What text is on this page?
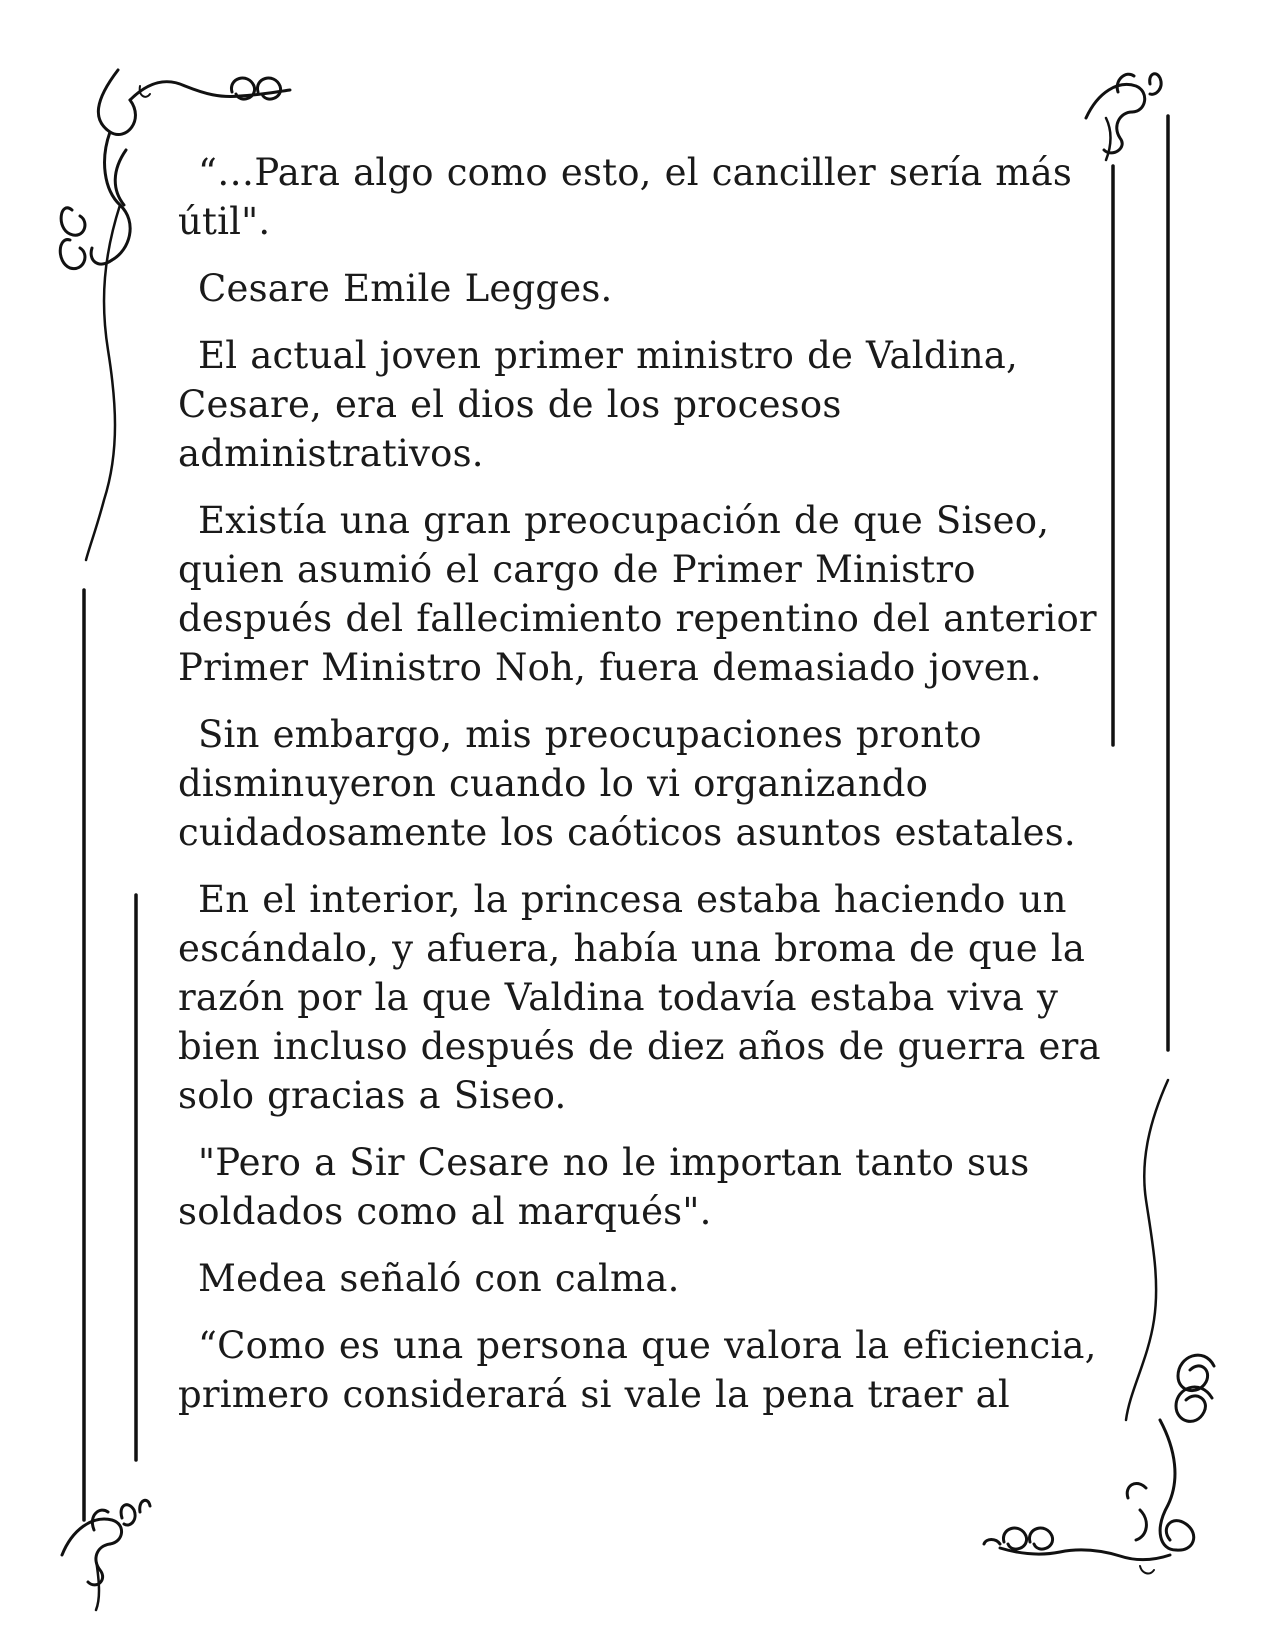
“…Para algo como esto, el canciller sería más útil".

Cesare Emile Legges.

El actual joven primer ministro de Valdina, Cesare, era el dios de los procesos administrativos.

Existía una gran preocupación de que Siseo, quien asumió el cargo de Primer Ministro después del fallecimiento repentino del anterior Primer Ministro Noh, fuera demasiado joven.

Sin embargo, mis preocupaciones pronto disminuyeron cuando lo vi organizando cuidadosamente los caóticos asuntos estatales.

En el interior, la princesa estaba haciendo un escándalo, y afuera, había una broma de que la razón por la que Valdina todavía estaba viva y bien incluso después de diez años de guerra era solo gracias a Siseo.

"Pero a Sir Cesare no le importan tanto sus soldados como al marqués".

Medea señaló con calma.

“Como es una persona que valora la eficiencia, primero considerará si vale la pena traer al
